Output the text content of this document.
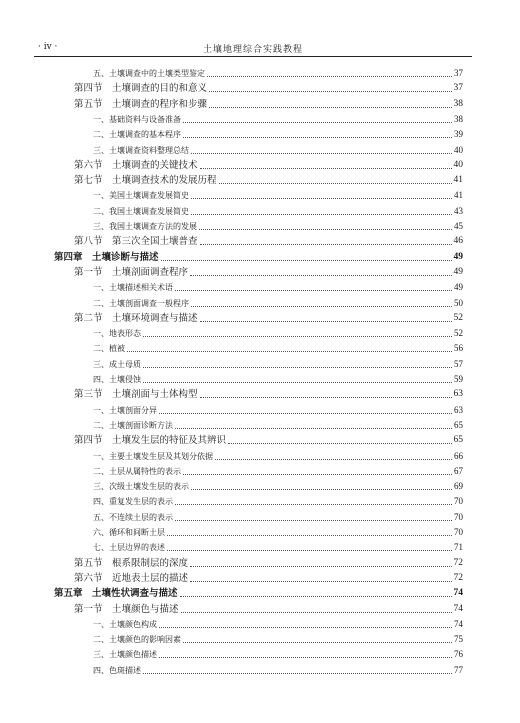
· iv ·	土壤地理综合实践教程
五、土壤调查中的土壤类型鉴定	37
第四节　土壤调查的目的和意义	37
第五节　土壤调查的程序和步骤	38
一、基础资料与设备准备	38
二、土壤调查的基本程序	39
三、土壤调查资料整理总结	40
第六节　土壤调查的关键技术	40
第七节　土壤调查技术的发展历程	41
一、美国土壤调查发展简史	41
二、我国土壤调查发展简史	43
三、我国土壤调查方法的发展	45
第八节　第三次全国土壤普查	46
第四章　土壤诊断与描述	49
第一节　土壤剖面调查程序	49
一、土壤描述相关术语	49
二、土壤剖面调查一般程序	50
第二节　土壤环境调查与描述	52
一、地表形态	52
二、植被	56
三、成土母质	57
四、土壤侵蚀	59
第三节　土壤剖面与土体构型	63
一、土壤剖面分异	63
二、土壤剖面诊断方法	65
第四节　土壤发生层的特征及其辨识	65
一、主要土壤发生层及其划分依据	66
二、土层从属特性的表示	67
三、次级土壤发生层的表示	69
四、重复发生层的表示	70
五、不连续土层的表示	70
六、循环和间断土层	70
七、土层边界的表述	71
第五节　根系限制层的深度	72
第六节　近地表土层的描述	72
第五章　土壤性状调查与描述	74
第一节　土壤颜色与描述	74
一、土壤颜色构成	74
二、土壤颜色的影响因素	75
三、土壤颜色描述	76
四、色斑描述	77
